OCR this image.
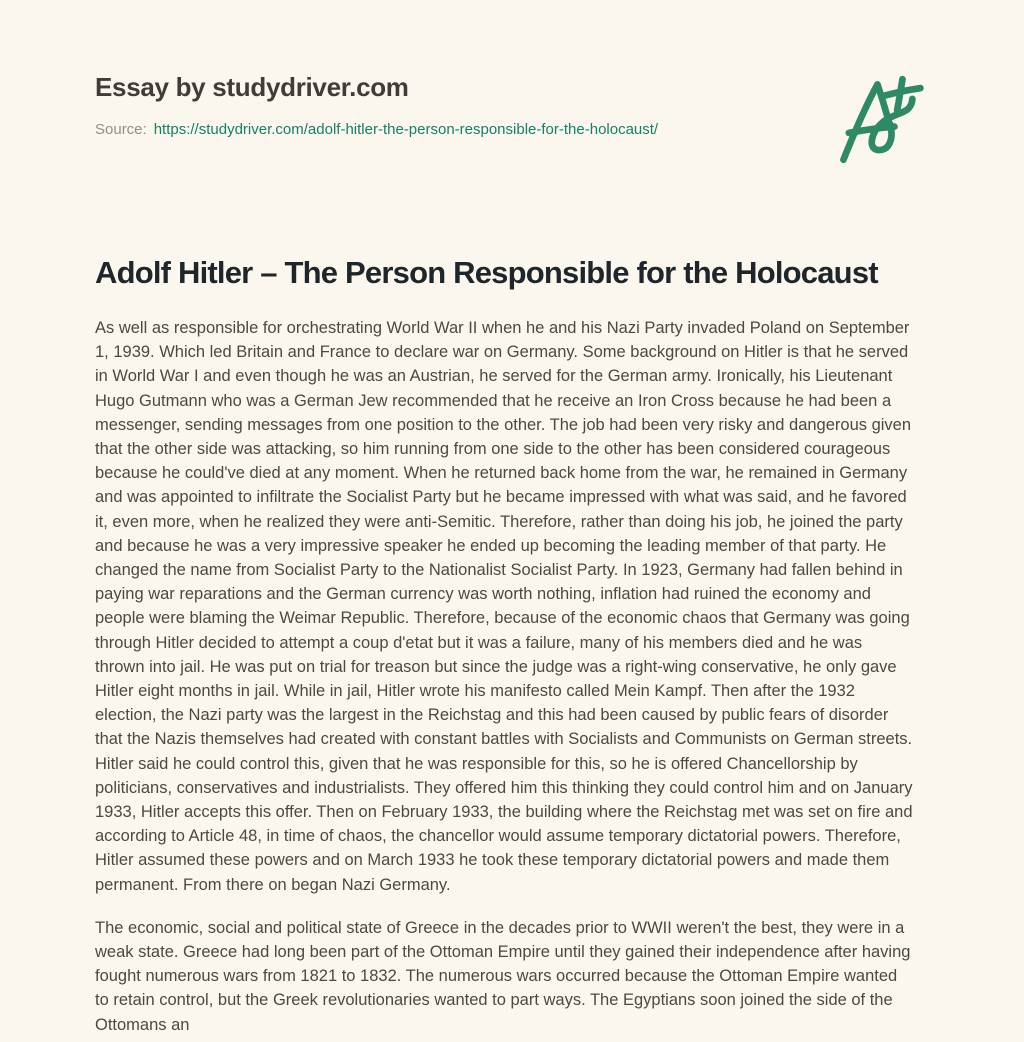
Essay by studydriver.com
Source: https://studydriver.com/adolf-hitler-the-person-responsible-for-the-holocaust/
Adolf Hitler – The Person Responsible for the Holocaust

As well as responsible for orchestrating World War II when he and his Nazi Party invaded Poland on September
1, 1939. Which led Britain and France to declare war on Germany. Some background on Hitler is that he served
in World War I and even though he was an Austrian, he served for the German army. Ironically, his Lieutenant
Hugo Gutmann who was a German Jew recommended that he receive an Iron Cross because he had been a
messenger, sending messages from one position to the other. The job had been very risky and dangerous given
that the other side was attacking, so him running from one side to the other has been considered courageous
because he could've died at any moment. When he returned back home from the war, he remained in Germany
and was appointed to infiltrate the Socialist Party but he became impressed with what was said, and he favored
it, even more, when he realized they were anti-Semitic. Therefore, rather than doing his job, he joined the party
and because he was a very impressive speaker he ended up becoming the leading member of that party. He
changed the name from Socialist Party to the Nationalist Socialist Party. In 1923, Germany had fallen behind in
paying war reparations and the German currency was worth nothing, inflation had ruined the economy and
people were blaming the Weimar Republic. Therefore, because of the economic chaos that Germany was going
through Hitler decided to attempt a coup d'etat but it was a failure, many of his members died and he was
thrown into jail. He was put on trial for treason but since the judge was a right-wing conservative, he only gave
Hitler eight months in jail. While in jail, Hitler wrote his manifesto called Mein Kampf. Then after the 1932
election, the Nazi party was the largest in the Reichstag and this had been caused by public fears of disorder
that the Nazis themselves had created with constant battles with Socialists and Communists on German streets.
Hitler said he could control this, given that he was responsible for this, so he is offered Chancellorship by
politicians, conservatives and industrialists. They offered him this thinking they could control him and on January
1933, Hitler accepts this offer. Then on February 1933, the building where the Reichstag met was set on fire and
according to Article 48, in time of chaos, the chancellor would assume temporary dictatorial powers. Therefore,
Hitler assumed these powers and on March 1933 he took these temporary dictatorial powers and made them
permanent. From there on began Nazi Germany.

The economic, social and political state of Greece in the decades prior to WWII weren't the best, they were in a
weak state. Greece had long been part of the Ottoman Empire until they gained their independence after having
fought numerous wars from 1821 to 1832. The numerous wars occurred because the Ottoman Empire wanted
to retain control, but the Greek revolutionaries wanted to part ways. The Egyptians soon joined the side of the
Ottomans an
